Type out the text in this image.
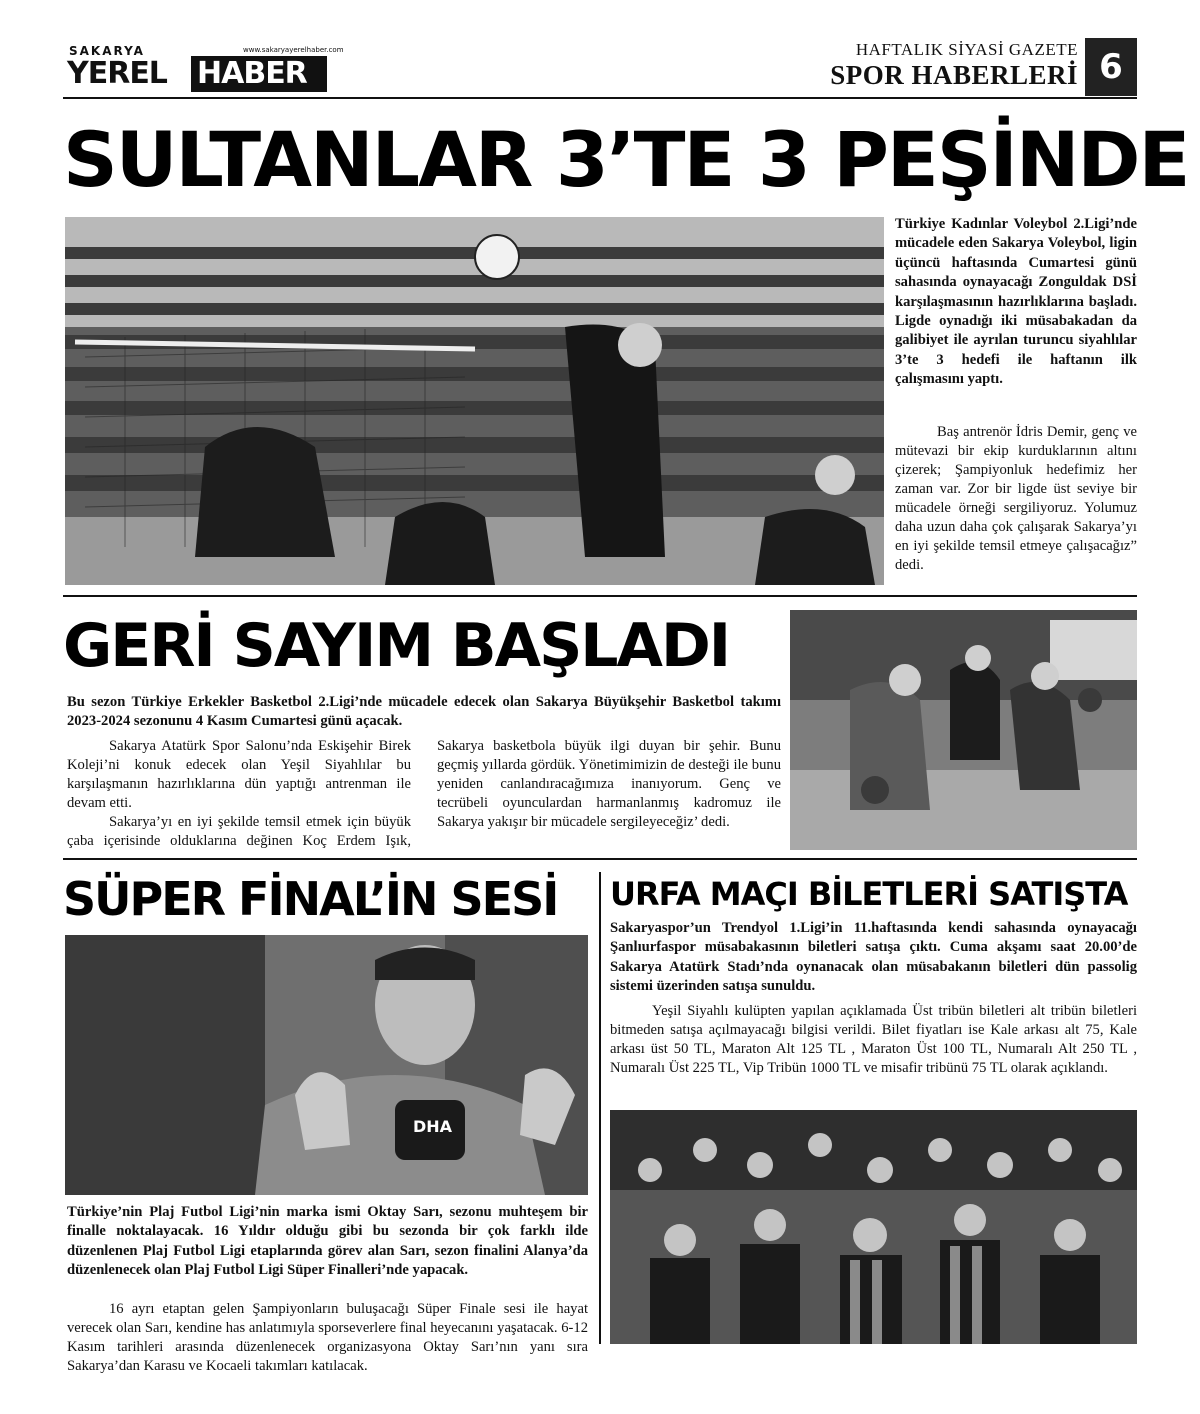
SAKARYA	www.sakaryayerelhaber.com
YEREL HABER
HAFTALIK SİYASİ GAZETE
SPOR HABERLERİ 6
SULTANLAR 3’TE 3 PEŞİNDE
Türkiye Kadınlar Voleybol 2.Ligi’nde mücadele eden Sakarya Voleybol, ligin üçüncü haftasında Cumartesi günü sahasında oynayacağı Zonguldak DSİ karşılaşmasının hazırlıklarına başladı. Ligde oynadığı iki müsabakadan da galibiyet ile ayrılan turuncu siyahlılar 3’te 3 hedefi ile haftanın ilk çalışmasını yaptı.

Baş antrenör İdris Demir, genç ve mütevazi bir ekip kurduklarının altını çizerek; Şampiyonluk hedefimiz her zaman var. Zor bir ligde üst seviye bir mücadele örneği sergiliyoruz. Yolumuz daha uzun daha çok çalışarak Sakarya’yı en iyi şekilde temsil etmeye çalışacağız” dedi.

GERİ SAYIM BAŞLADI
Bu sezon Türkiye Erkekler Basketbol 2.Ligi’nde mücadele edecek olan Sakarya Büyükşehir Basketbol takımı 2023-2024 sezonunu 4 Kasım Cumartesi günü açacak.

Sakarya Atatürk Spor Salonu’nda Eskişehir Birek Koleji’ni konuk edecek olan Yeşil Siyahlılar bu karşılaşmanın hazırlıklarına dün yaptığı antrenman ile devam etti.

Sakarya’yı en iyi şekilde temsil etmek için büyük çaba içerisinde olduklarına değinen Koç Erdem Işık, Sakarya basketbola büyük ilgi duyan bir şehir. Bunu geçmiş yıllarda gördük. Yönetimimizin de desteği ile bunu yeniden canlandıracağımıza inanıyorum. Genç ve tecrübeli oyunculardan harmanlanmış kadromuz ile Sakarya yakışır bir mücadele sergileyeceğiz’ dedi.

SÜPER FİNAL’İN SESİ
DHA
Türkiye’nin Plaj Futbol Ligi’nin marka ismi Oktay Sarı, sezonu muhteşem bir finalle noktalayacak. 16 Yıldır olduğu gibi bu sezonda bir çok farklı ilde düzenlenen Plaj Futbol Ligi etaplarında görev alan Sarı, sezon finalini Alanya’da düzenlenecek olan Plaj Futbol Ligi Süper Finalleri’nde yapacak.

16 ayrı etaptan gelen Şampiyonların buluşacağı Süper Finale sesi ile hayat verecek olan Sarı, kendine has anlatımıyla sporseverlere final heyecanını yaşatacak. 6-12 Kasım tarihleri arasında düzenlenecek organizasyona Oktay Sarı’nın yanı sıra Sakarya’dan Karasu ve Kocaeli takımları katılacak.

URFA MAÇI BİLETLERİ SATIŞTA
Sakaryaspor’un Trendyol 1.Ligi’in 11.haftasında kendi sahasında oynayacağı Şanlıurfaspor müsabakasının biletleri satışa çıktı. Cuma akşamı saat 20.00’de Sakarya Atatürk Stadı’nda oynanacak olan müsabakanın biletleri dün passolig sistemi üzerinden satışa sunuldu.

Yeşil Siyahlı kulüpten yapılan açıklamada Üst tribün biletleri alt tribün biletleri bitmeden satışa açılmayacağı bilgisi verildi. Bilet fiyatları ise Kale arkası alt 75, Kale arkası üst 50 TL, Maraton Alt 125 TL , Maraton Üst 100 TL, Numaralı Alt 250 TL , Numaralı Üst 225 TL, Vip Tribün 1000 TL ve misafir tribünü 75 TL olarak açıklandı.
